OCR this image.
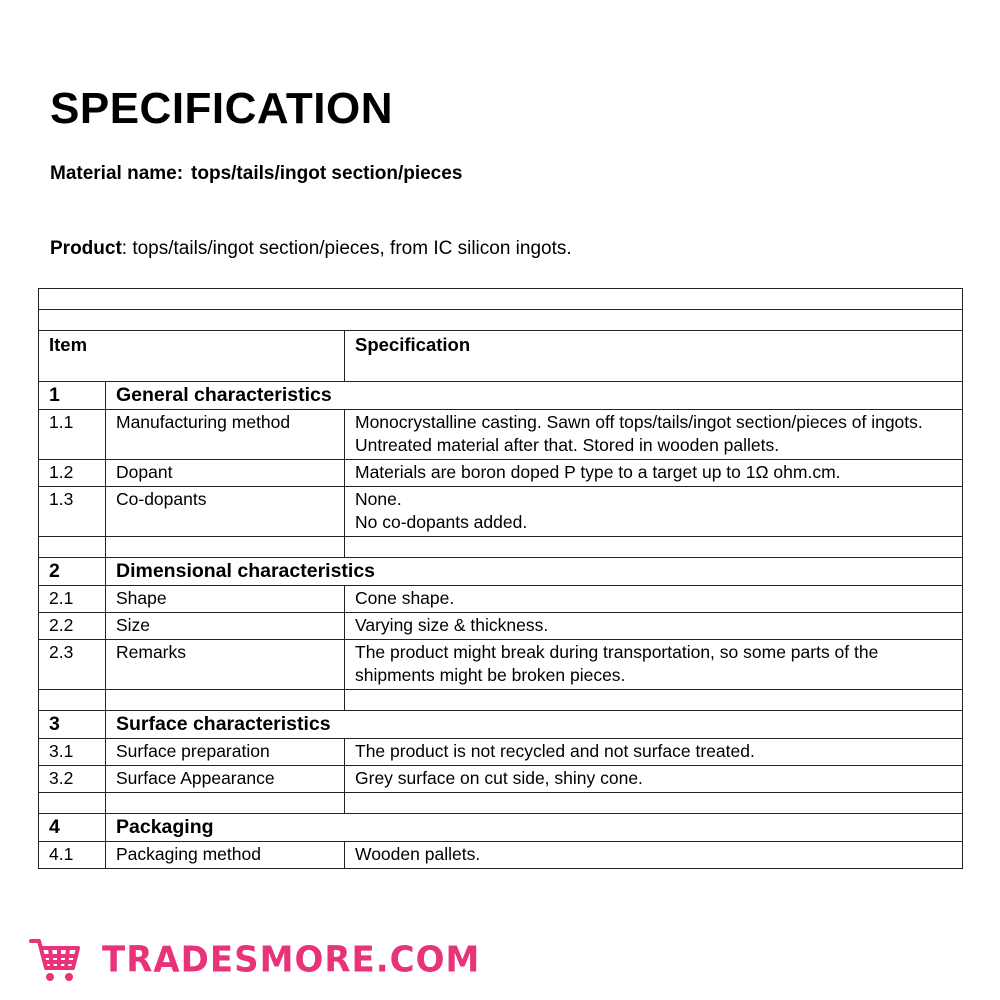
SPECIFICATION
Material name: tops/tails/ingot section/pieces
Product: tops/tails/ingot section/pieces, from IC silicon ingots.

Item		Specification
1	General characteristics	
1.1	Manufacturing method	Monocrystalline casting. Sawn off tops/tails/ingot section/pieces of ingots.
Untreated material after that. Stored in wooden pallets.

1.2	Dopant	Materials are boron doped P type to a target up to 1Ω ohm.cm.

1.3	Co-dopants	None.
No co-dopants added.

2	Dimensional characteristics	
2.1	Shape	Cone shape.

2.2	Size	Varying size & thickness.

2.3	Remarks	The product might break during transportation, so some parts of the shipments might be broken pieces.

3	Surface characteristics	
3.1	Surface preparation	The product is not recycled and not surface treated.

3.2	Surface Appearance	Grey surface on cut side, shiny cone.

4	Packaging	
4.1	Packaging method	Wooden pallets.
TRADESMORE.COM
